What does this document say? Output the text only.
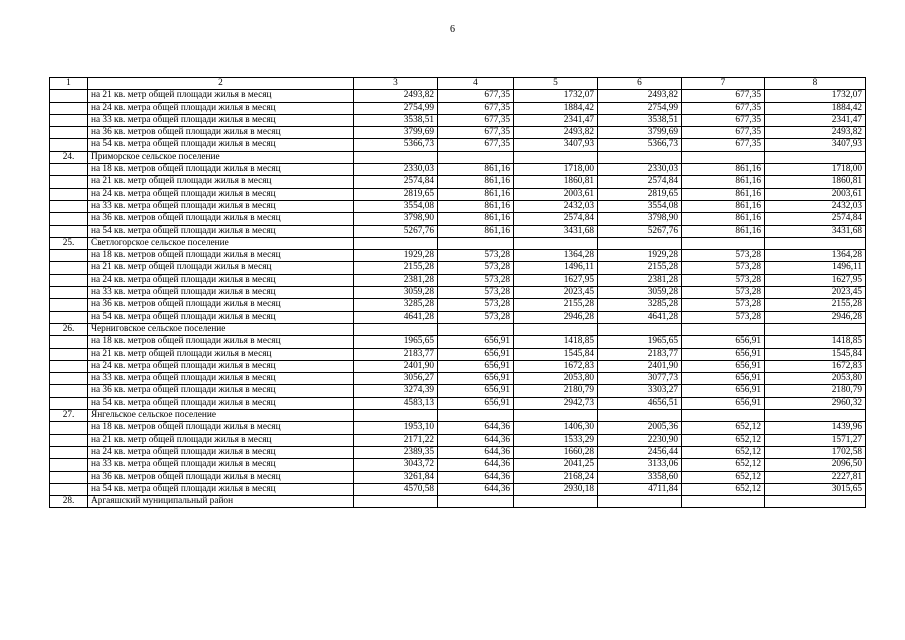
6
1	2	3	4	5	6	7	8
	на 21 кв. метр общей площади жилья в месяц	2493,82	677,35	1732,07	2493,82	677,35	1732,07
	на 24 кв. метра общей площади жилья в месяц	2754,99	677,35	1884,42	2754,99	677,35	1884,42
	на 33 кв. метра общей площади жилья в месяц	3538,51	677,35	2341,47	3538,51	677,35	2341,47
	на 36 кв. метров общей площади жилья в месяц	3799,69	677,35	2493,82	3799,69	677,35	2493,82
	на 54 кв. метра общей площади жилья в месяц	5366,73	677,35	3407,93	5366,73	677,35	3407,93
24.	Приморское сельское поселение						
	на 18 кв. метров общей площади жилья в месяц	2330,03	861,16	1718,00	2330,03	861,16	1718,00
	на 21 кв. метр общей площади жилья в месяц	2574,84	861,16	1860,81	2574,84	861,16	1860,81
	на 24 кв. метра общей площади жилья в месяц	2819,65	861,16	2003,61	2819,65	861,16	2003,61
	на 33 кв. метра общей площади жилья в месяц	3554,08	861,16	2432,03	3554,08	861,16	2432,03
	на 36 кв. метров общей площади жилья в месяц	3798,90	861,16	2574,84	3798,90	861,16	2574,84
	на 54 кв. метра общей площади жилья в месяц	5267,76	861,16	3431,68	5267,76	861,16	3431,68
25.	Светлогорское сельское поселение						
	на 18 кв. метров общей площади жилья в месяц	1929,28	573,28	1364,28	1929,28	573,28	1364,28
	на 21 кв. метр общей площади жилья в месяц	2155,28	573,28	1496,11	2155,28	573,28	1496,11
	на 24 кв. метра общей площади жилья в месяц	2381,28	573,28	1627,95	2381,28	573,28	1627,95
	на 33 кв. метра общей площади жилья в месяц	3059,28	573,28	2023,45	3059,28	573,28	2023,45
	на 36 кв. метров общей площади жилья в месяц	3285,28	573,28	2155,28	3285,28	573,28	2155,28
	на 54 кв. метра общей площади жилья в месяц	4641,28	573,28	2946,28	4641,28	573,28	2946,28
26.	Черниговское сельское поселение						
	на 18 кв. метров общей площади жилья в месяц	1965,65	656,91	1418,85	1965,65	656,91	1418,85
	на 21 кв. метр общей площади жилья в месяц	2183,77	656,91	1545,84	2183,77	656,91	1545,84
	на 24 кв. метра общей площади жилья в месяц	2401,90	656,91	1672,83	2401,90	656,91	1672,83
	на 33 кв. метра общей площади жилья в месяц	3056,27	656,91	2053,80	3077,73	656,91	2053,80
	на 36 кв. метра общей площади жилья в месяц	3274,39	656,91	2180,79	3303,27	656,91	2180,79
	на 54 кв. метра общей площади жилья в месяц	4583,13	656,91	2942,73	4656,51	656,91	2960,32
27.	Янгельское сельское поселение						
	на 18 кв. метров общей площади жилья в месяц	1953,10	644,36	1406,30	2005,36	652,12	1439,96
	на 21 кв. метр общей площади жилья в месяц	2171,22	644,36	1533,29	2230,90	652,12	1571,27
	на 24 кв. метра общей площади жилья в месяц	2389,35	644,36	1660,28	2456,44	652,12	1702,58
	на 33 кв. метра общей площади жилья в месяц	3043,72	644,36	2041,25	3133,06	652,12	2096,50
	на 36 кв. метров общей площади жилья в месяц	3261,84	644,36	2168,24	3358,60	652,12	2227,81
	на 54 кв. метра общей площади жилья в месяц	4570,58	644,36	2930,18	4711,84	652,12	3015,65
28.	Аргаяшский муниципальный район						
